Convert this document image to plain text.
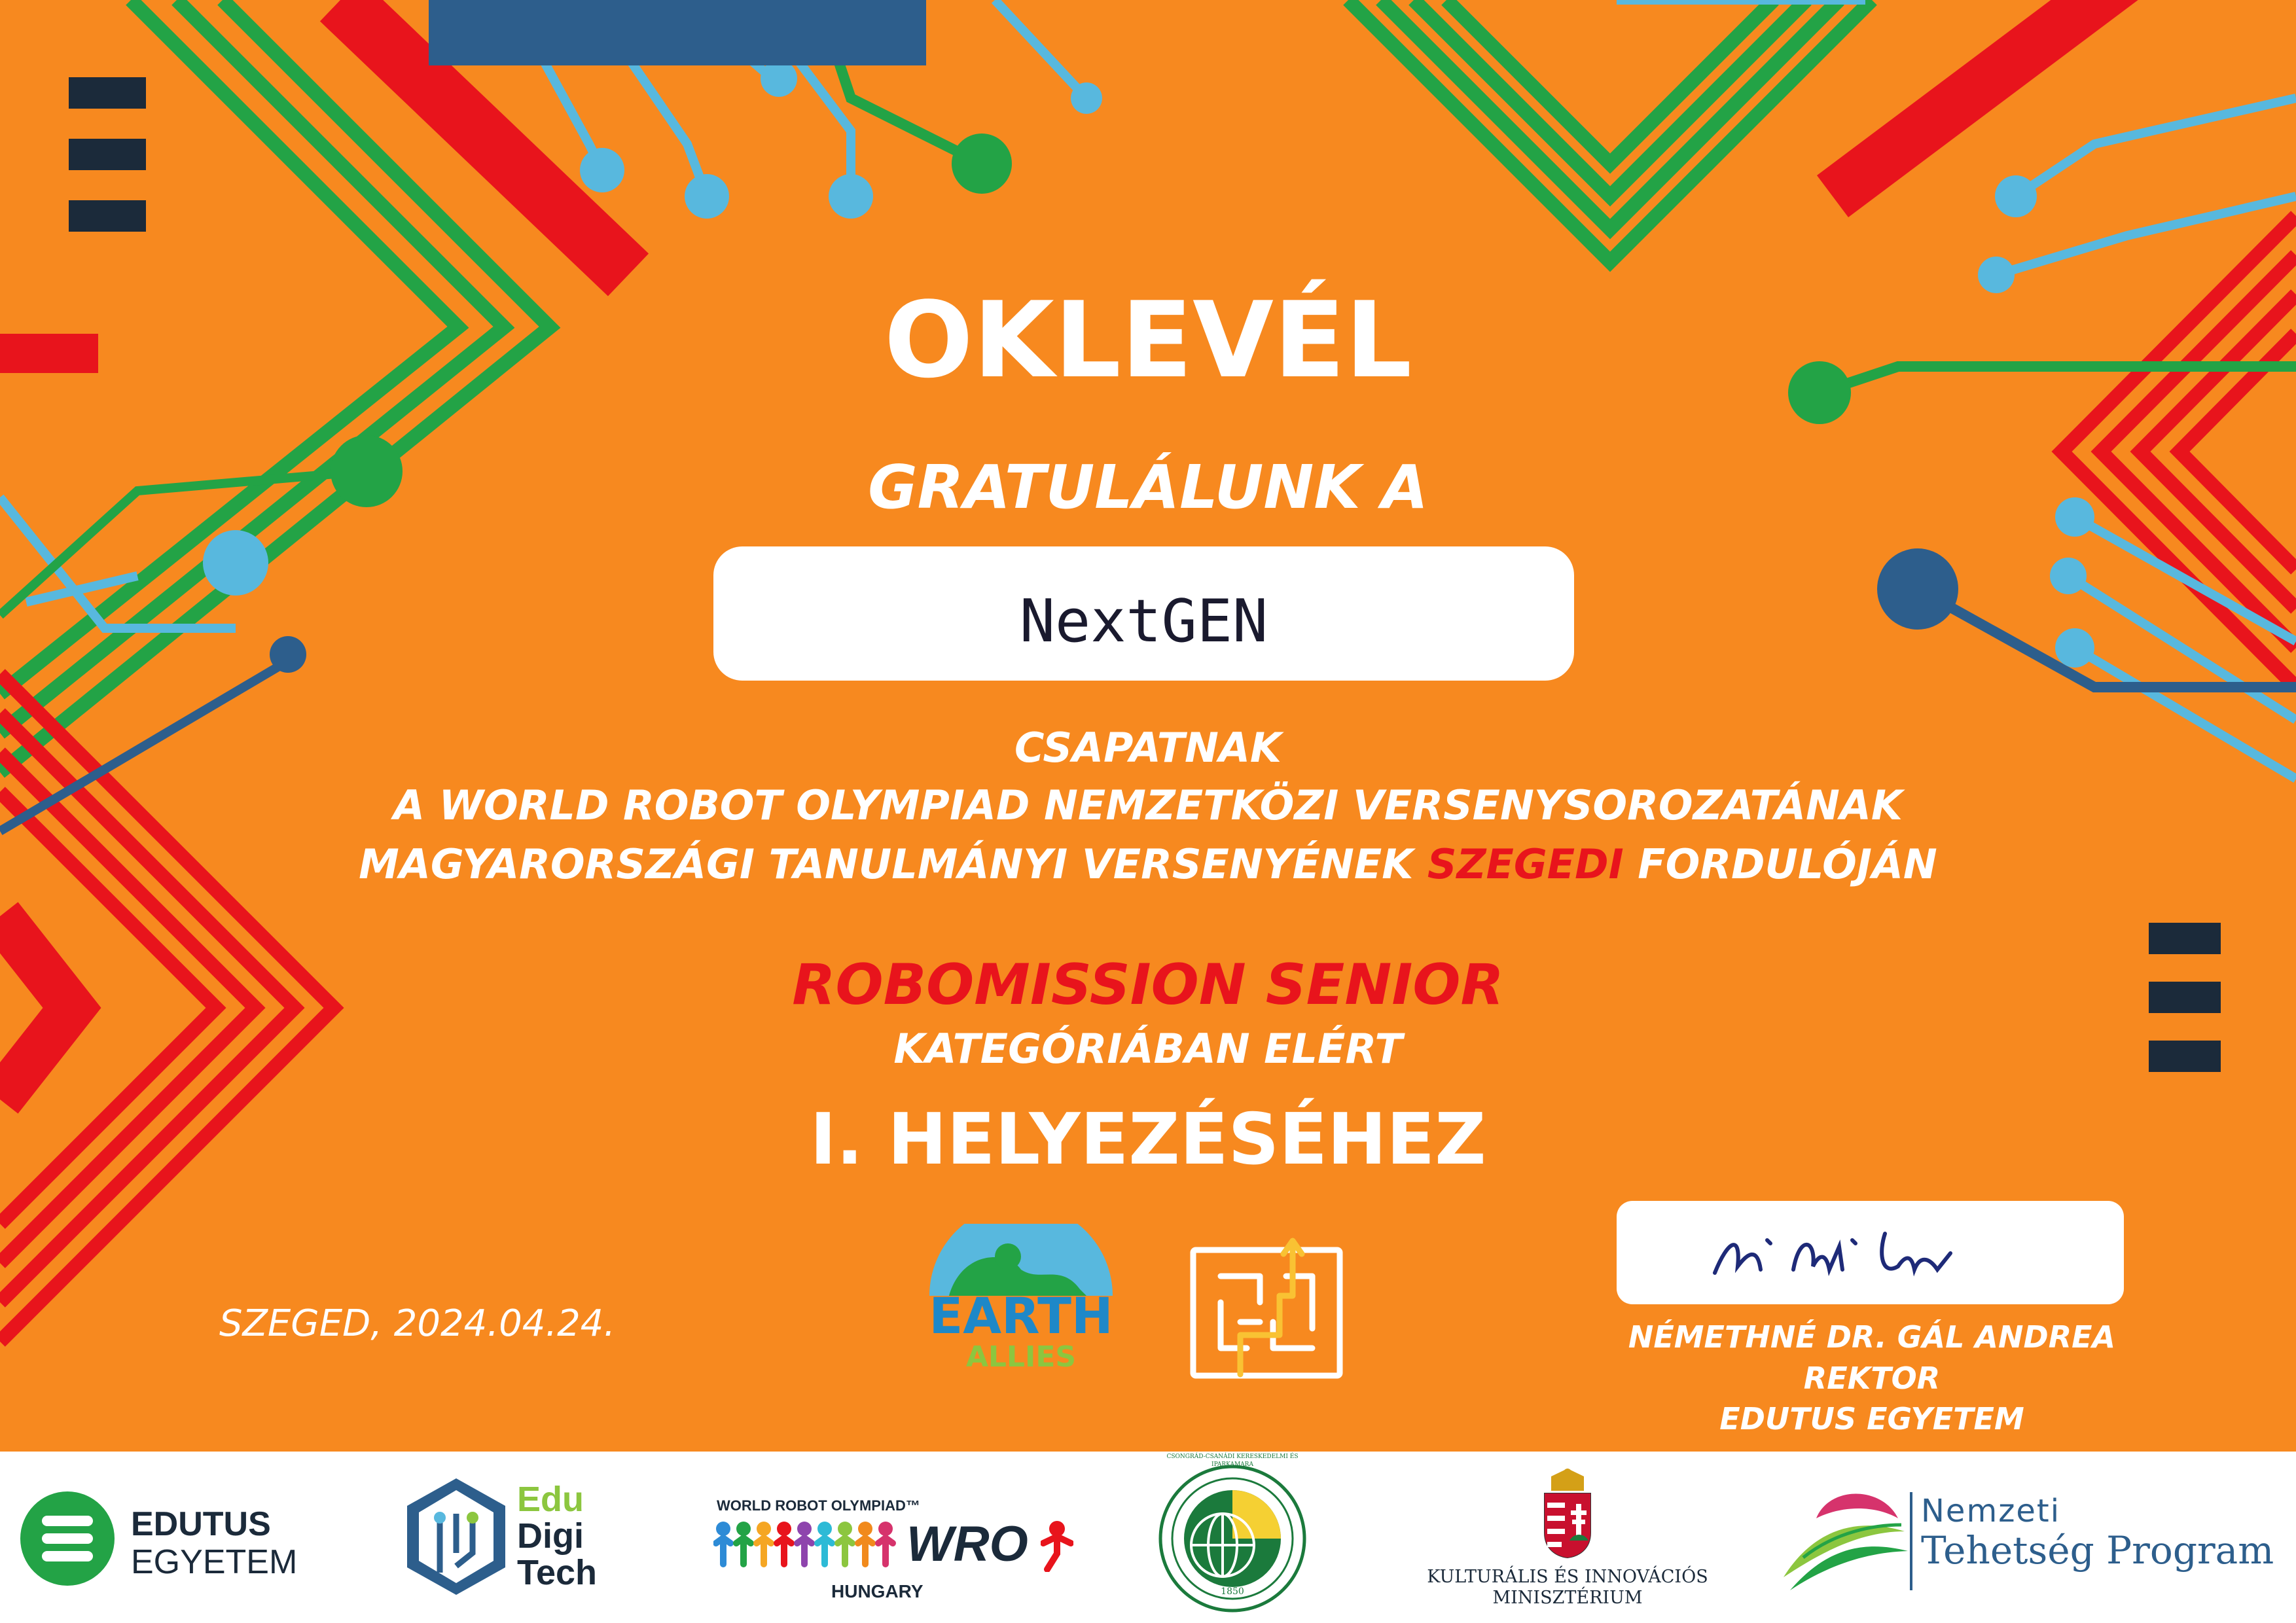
OKLEVÉL
GRATULÁLUNK A
NextGEN
CSAPATNAK
A WORLD ROBOT OLYMPIAD NEMZETKÖZI VERSENYSOROZATÁNAK
MAGYARORSZÁGI TANULMÁNYI VERSENYÉNEK SZEGEDI FORDULÓJÁN
ROBOMISSION SENIOR
KATEGÓRIÁBAN ELÉRT
I. HELYEZÉSÉHEZ
SZEGED, 2024.04.24.	EARTH
ALLIES
NÉMETHNÉ DR. GÁL ANDREA
REKTOR
EDUTUS EGYETEM
EDUTUS
EGYETEM
Edu
Digi
Tech
WORLD ROBOT OLYMPIAD™
WRO
HUNGARY	1850
CSONGRÁD-CSANÁDI KERESKEDELMI ÉS IPARKAMARA
KULTURÁLIS ÉS INNOVÁCIÓS
MINISZTÉRIUM
Nemzeti
Tehetség Program
